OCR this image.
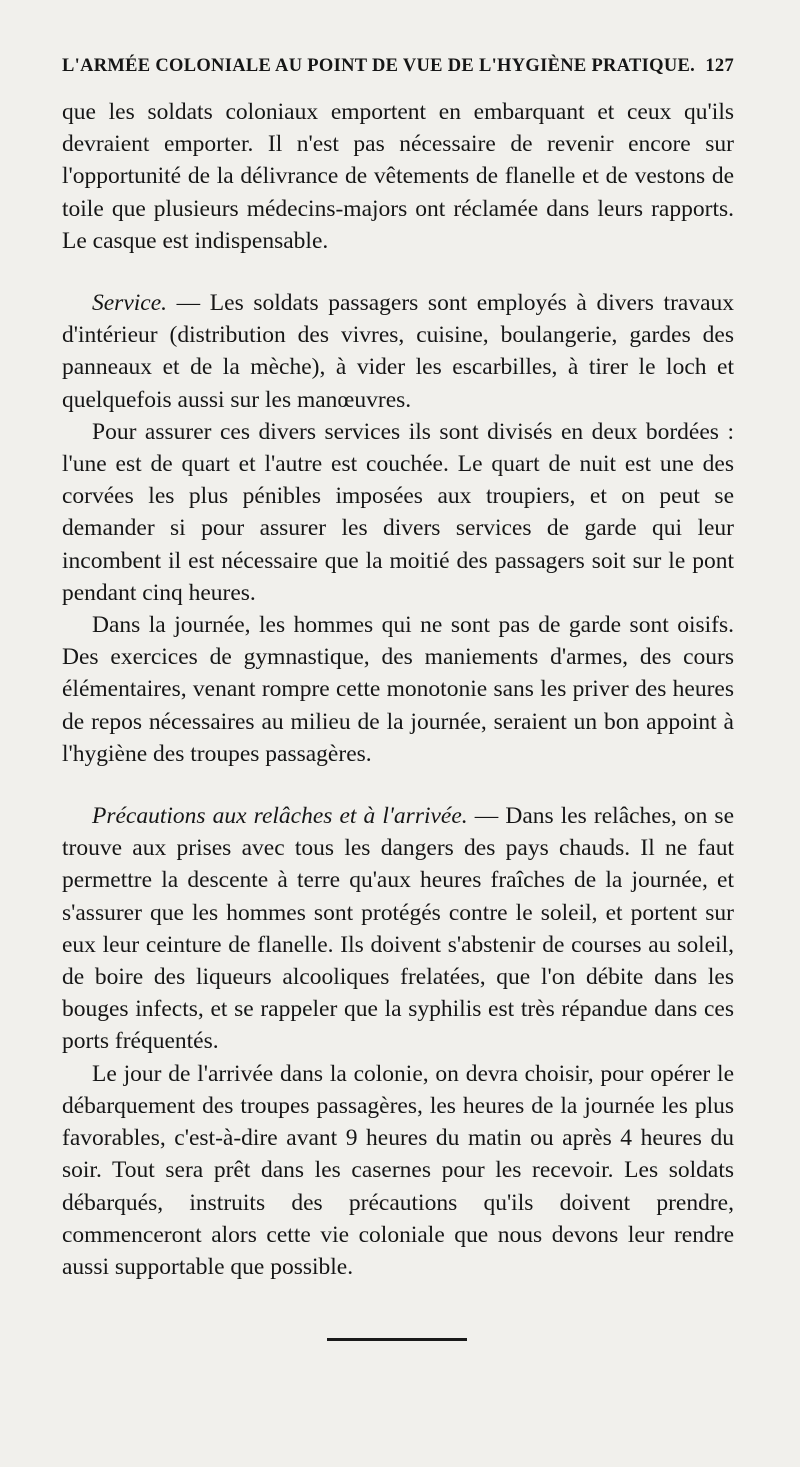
L'ARMÉE COLONIALE AU POINT DE VUE DE L'HYGIÈNE PRATIQUE. 127

que les soldats coloniaux emportent en embarquant et ceux qu'ils devraient emporter. Il n'est pas nécessaire de revenir encore sur l'opportunité de la délivrance de vêtements de flanelle et de vestons de toile que plusieurs médecins-majors ont réclamée dans leurs rapports. Le casque est indispensable.

Service. — Les soldats passagers sont employés à divers travaux d'intérieur (distribution des vivres, cuisine, boulangerie, gardes des panneaux et de la mèche), à vider les escarbilles, à tirer le loch et quelquefois aussi sur les manœuvres.

Pour assurer ces divers services ils sont divisés en deux bordées : l'une est de quart et l'autre est couchée. Le quart de nuit est une des corvées les plus pénibles imposées aux troupiers, et on peut se demander si pour assurer les divers services de garde qui leur incombent il est nécessaire que la moitié des passagers soit sur le pont pendant cinq heures.

Dans la journée, les hommes qui ne sont pas de garde sont oisifs. Des exercices de gymnastique, des maniements d'armes, des cours élémentaires, venant rompre cette monotonie sans les priver des heures de repos nécessaires au milieu de la journée, seraient un bon appoint à l'hygiène des troupes passagères.

Précautions aux relâches et à l'arrivée. — Dans les relâches, on se trouve aux prises avec tous les dangers des pays chauds. Il ne faut permettre la descente à terre qu'aux heures fraîches de la journée, et s'assurer que les hommes sont protégés contre le soleil, et portent sur eux leur ceinture de flanelle. Ils doivent s'abstenir de courses au soleil, de boire des liqueurs alcooliques frelatées, que l'on débite dans les bouges infects, et se rappeler que la syphilis est très répandue dans ces ports fréquentés.

Le jour de l'arrivée dans la colonie, on devra choisir, pour opérer le débarquement des troupes passagères, les heures de la journée les plus favorables, c'est-à-dire avant 9 heures du matin ou après 4 heures du soir. Tout sera prêt dans les casernes pour les recevoir. Les soldats débarqués, instruits des précautions qu'ils doivent prendre, commenceront alors cette vie coloniale que nous devons leur rendre aussi supportable que possible.
